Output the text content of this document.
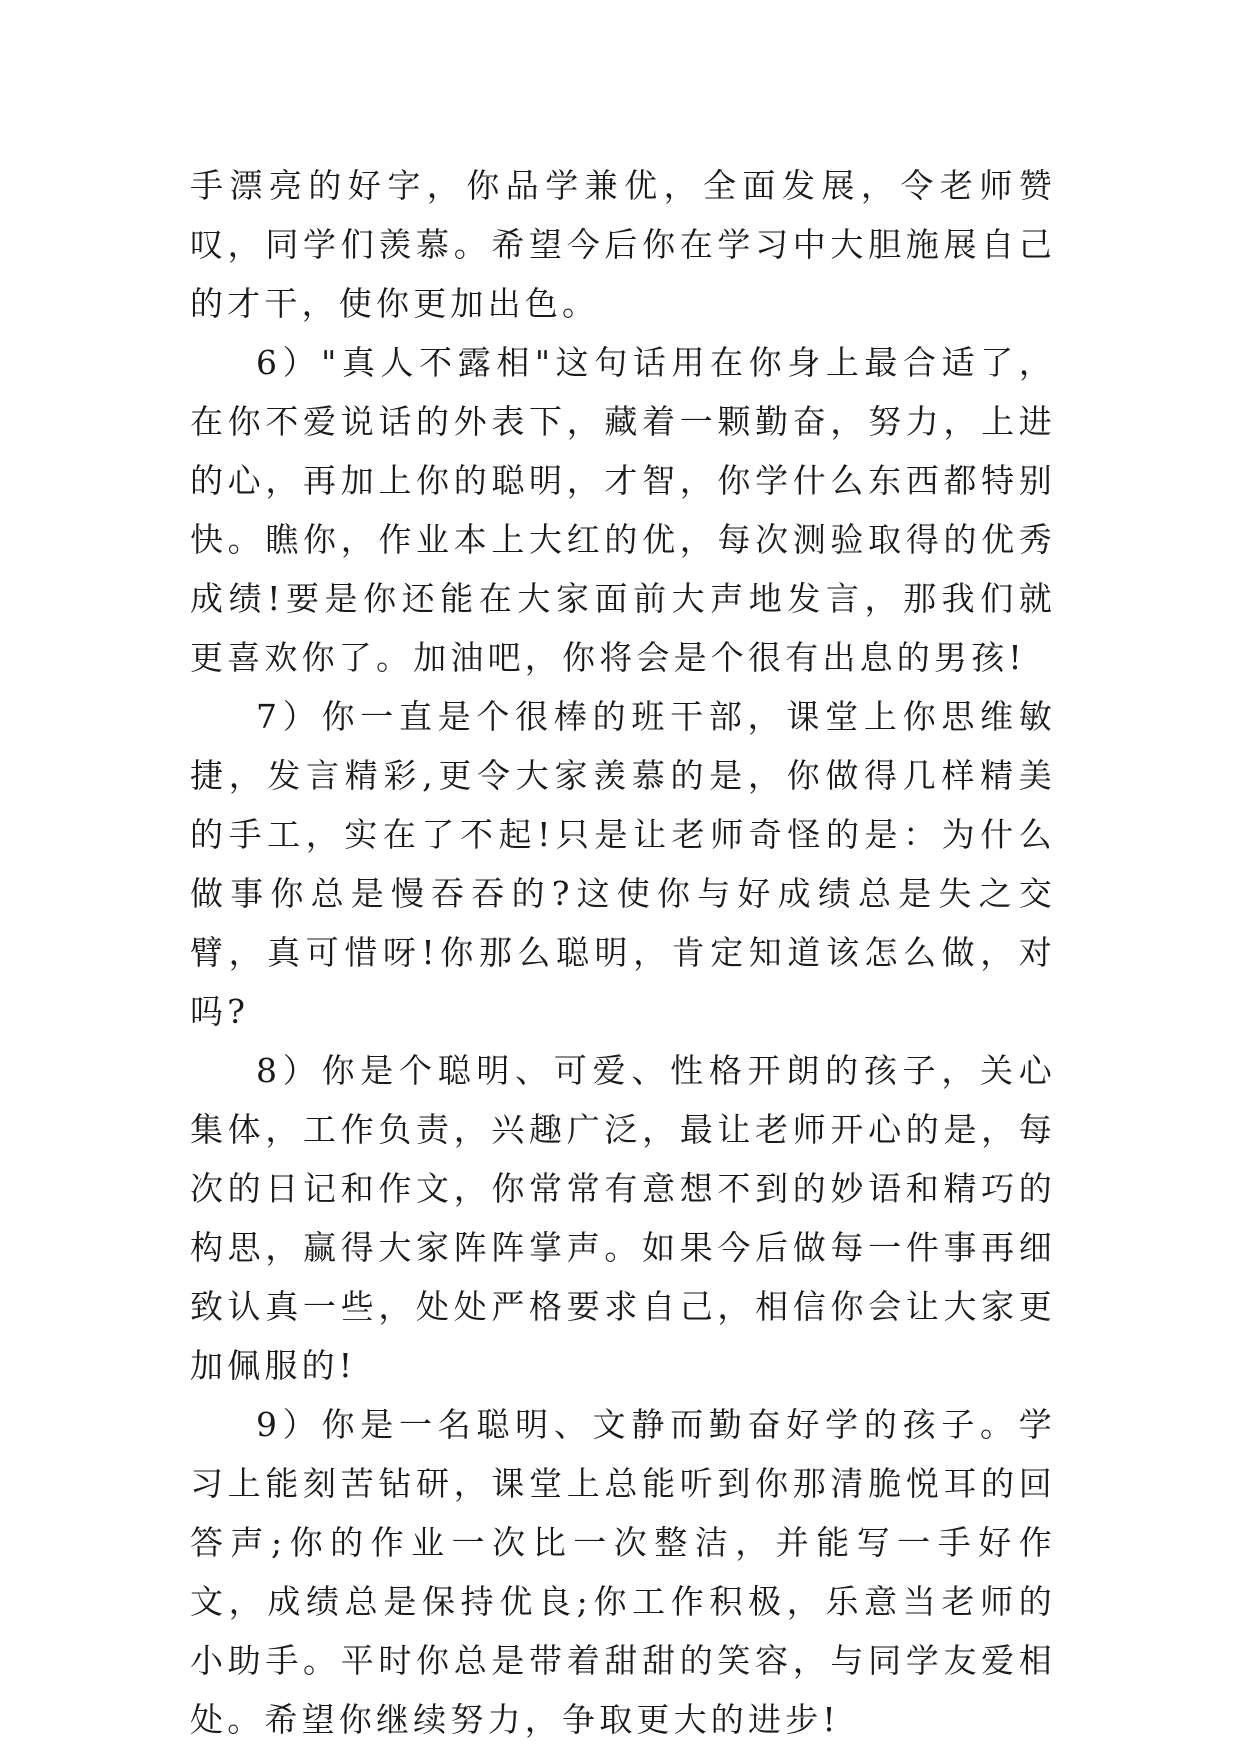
手漂亮的好字，你品学兼优，全面发展，令老师赞叹，同学们羡慕。希望今后你在学习中大胆施展自己的才干，使你更加出色。

6）"真人不露相"这句话用在你身上最合适了，在你不爱说话的外表下，藏着一颗勤奋，努力，上进的心，再加上你的聪明，才智，你学什么东西都特别快。瞧你，作业本上大红的优，每次测验取得的优秀成绩!要是你还能在大家面前大声地发言，那我们就更喜欢你了。加油吧，你将会是个很有出息的男孩!

7）你一直是个很棒的班干部，课堂上你思维敏捷，发言精彩,更令大家羡慕的是，你做得几样精美的手工，实在了不起!只是让老师奇怪的是：为什么做事你总是慢吞吞的?这使你与好成绩总是失之交臂，真可惜呀!你那么聪明，肯定知道该怎么做，对吗?

8）你是个聪明、可爱、性格开朗的孩子，关心集体，工作负责，兴趣广泛，最让老师开心的是，每次的日记和作文，你常常有意想不到的妙语和精巧的构思，赢得大家阵阵掌声。如果今后做每一件事再细致认真一些，处处严格要求自己，相信你会让大家更加佩服的!

9）你是一名聪明、文静而勤奋好学的孩子。学习上能刻苦钻研，课堂上总能听到你那清脆悦耳的回答声;你的作业一次比一次整洁，并能写一手好作文，成绩总是保持优良;你工作积极，乐意当老师的小助手。平时你总是带着甜甜的笑容，与同学友爱相处。希望你继续努力，争取更大的进步!
